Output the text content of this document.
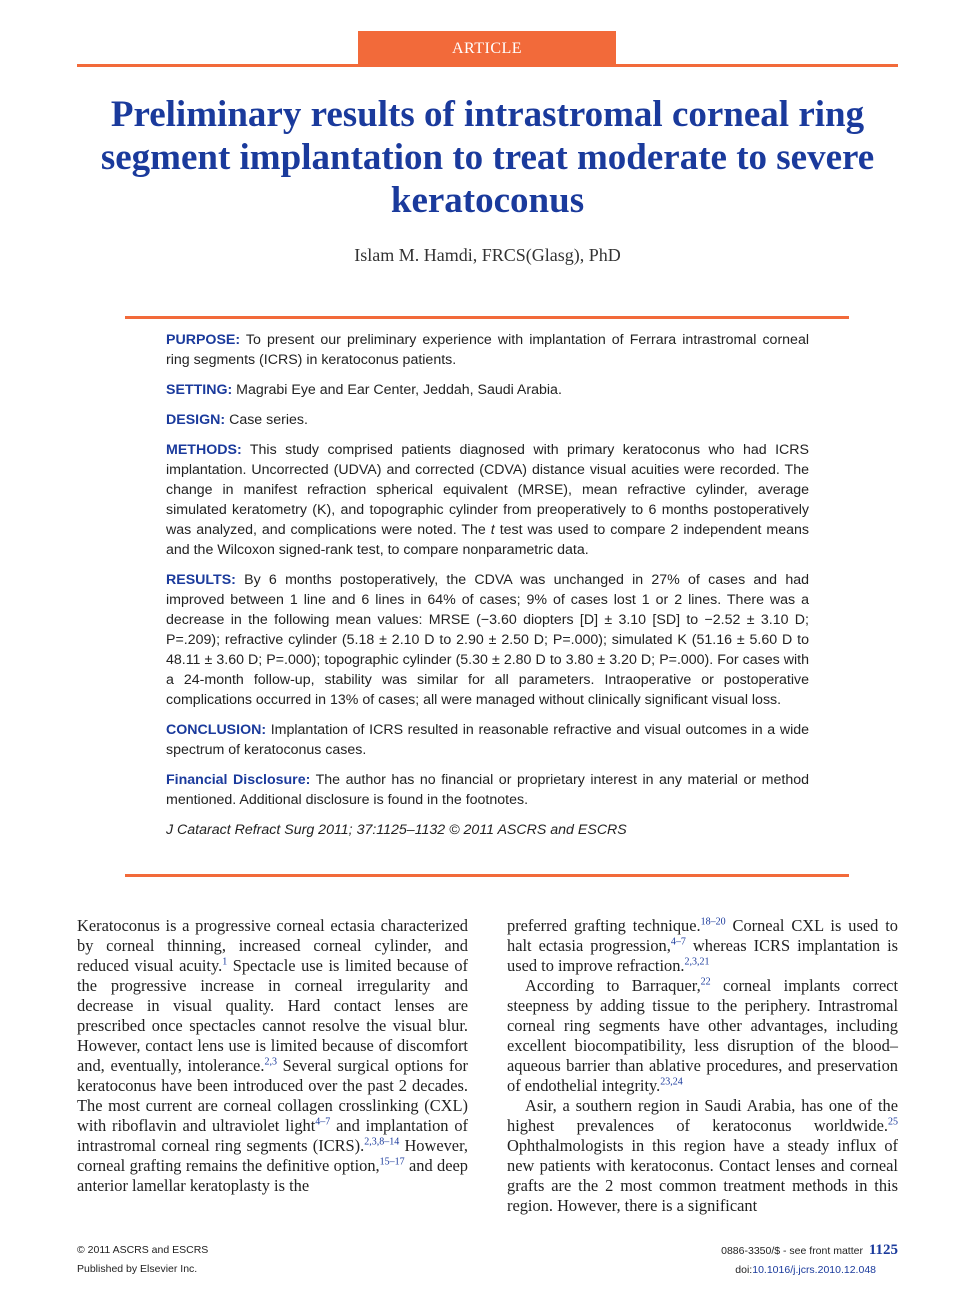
ARTICLE
Preliminary results of intrastromal corneal ring segment implantation to treat moderate to severe keratoconus
Islam M. Hamdi, FRCS(Glasg), PhD

PURPOSE: To present our preliminary experience with implantation of Ferrara intrastromal corneal ring segments (ICRS) in keratoconus patients.

SETTING: Magrabi Eye and Ear Center, Jeddah, Saudi Arabia.

DESIGN: Case series.

METHODS: This study comprised patients diagnosed with primary keratoconus who had ICRS implantation. Uncorrected (UDVA) and corrected (CDVA) distance visual acuities were recorded. The change in manifest refraction spherical equivalent (MRSE), mean refractive cylinder, average simulated keratometry (K), and topographic cylinder from preoperatively to 6 months postoperatively was analyzed, and complications were noted. The t test was used to compare 2 independent means and the Wilcoxon signed-rank test, to compare nonparametric data.

RESULTS: By 6 months postoperatively, the CDVA was unchanged in 27% of cases and had improved between 1 line and 6 lines in 64% of cases; 9% of cases lost 1 or 2 lines. There was a decrease in the following mean values: MRSE (−3.60 diopters [D] ± 3.10 [SD] to −2.52 ± 3.10 D; P=.209); refractive cylinder (5.18 ± 2.10 D to 2.90 ± 2.50 D; P=.000); simulated K (51.16 ± 5.60 D to 48.11 ± 3.60 D; P=.000); topographic cylinder (5.30 ± 2.80 D to 3.80 ± 3.20 D; P=.000). For cases with a 24-month follow-up, stability was similar for all parameters. Intraoperative or postoperative complications occurred in 13% of cases; all were managed without clinically significant visual loss.

CONCLUSION: Implantation of ICRS resulted in reasonable refractive and visual outcomes in a wide spectrum of keratoconus cases.

Financial Disclosure: The author has no financial or proprietary interest in any material or method mentioned. Additional disclosure is found in the footnotes.

J Cataract Refract Surg 2011; 37:1125–1132 © 2011 ASCRS and ESCRS

Keratoconus is a progressive corneal ectasia characterized by corneal thinning, increased corneal cylinder, and reduced visual acuity.$^1$ Spectacle use is limited because of the progressive increase in corneal irregularity and decrease in visual quality. Hard contact lenses are prescribed once spectacles cannot resolve the visual blur. However, contact lens use is limited because of discomfort and, eventually, intolerance.$^{2,3}$ Several surgical options for keratoconus have been introduced over the past 2 decades. The most current are corneal collagen crosslinking (CXL) with riboflavin and ultraviolet light$^{4-7}$ and implantation of intrastromal corneal ring segments (ICRS).$^{2,3,8-14}$ However, corneal grafting remains the definitive option,$^{15-17}$ and deep anterior lamellar keratoplasty is the

preferred grafting technique.$^{18-20}$ Corneal CXL is used to halt ectasia progression,$^{4-7}$ whereas ICRS implantation is used to improve refraction.$^{2,3,21}$

According to Barraquer,$^{22}$ corneal implants correct steepness by adding tissue to the periphery. Intrastromal corneal ring segments have other advantages, including excellent biocompatibility, less disruption of the blood–aqueous barrier than ablative procedures, and preservation of endothelial integrity.$^{23,24}$

Asir, a southern region in Saudi Arabia, has one of the highest prevalences of keratoconus worldwide.$^{25}$ Ophthalmologists in this region have a steady influx of new patients with keratoconus. Contact lenses and corneal grafts are the 2 most common treatment methods in this region. However, there is a significant

© 2011 ASCRS and ESCRS
Published by Elsevier Inc.
0886-3350/$ - see front matter 1125
doi:10.1016/j.jcrs.2010.12.048
